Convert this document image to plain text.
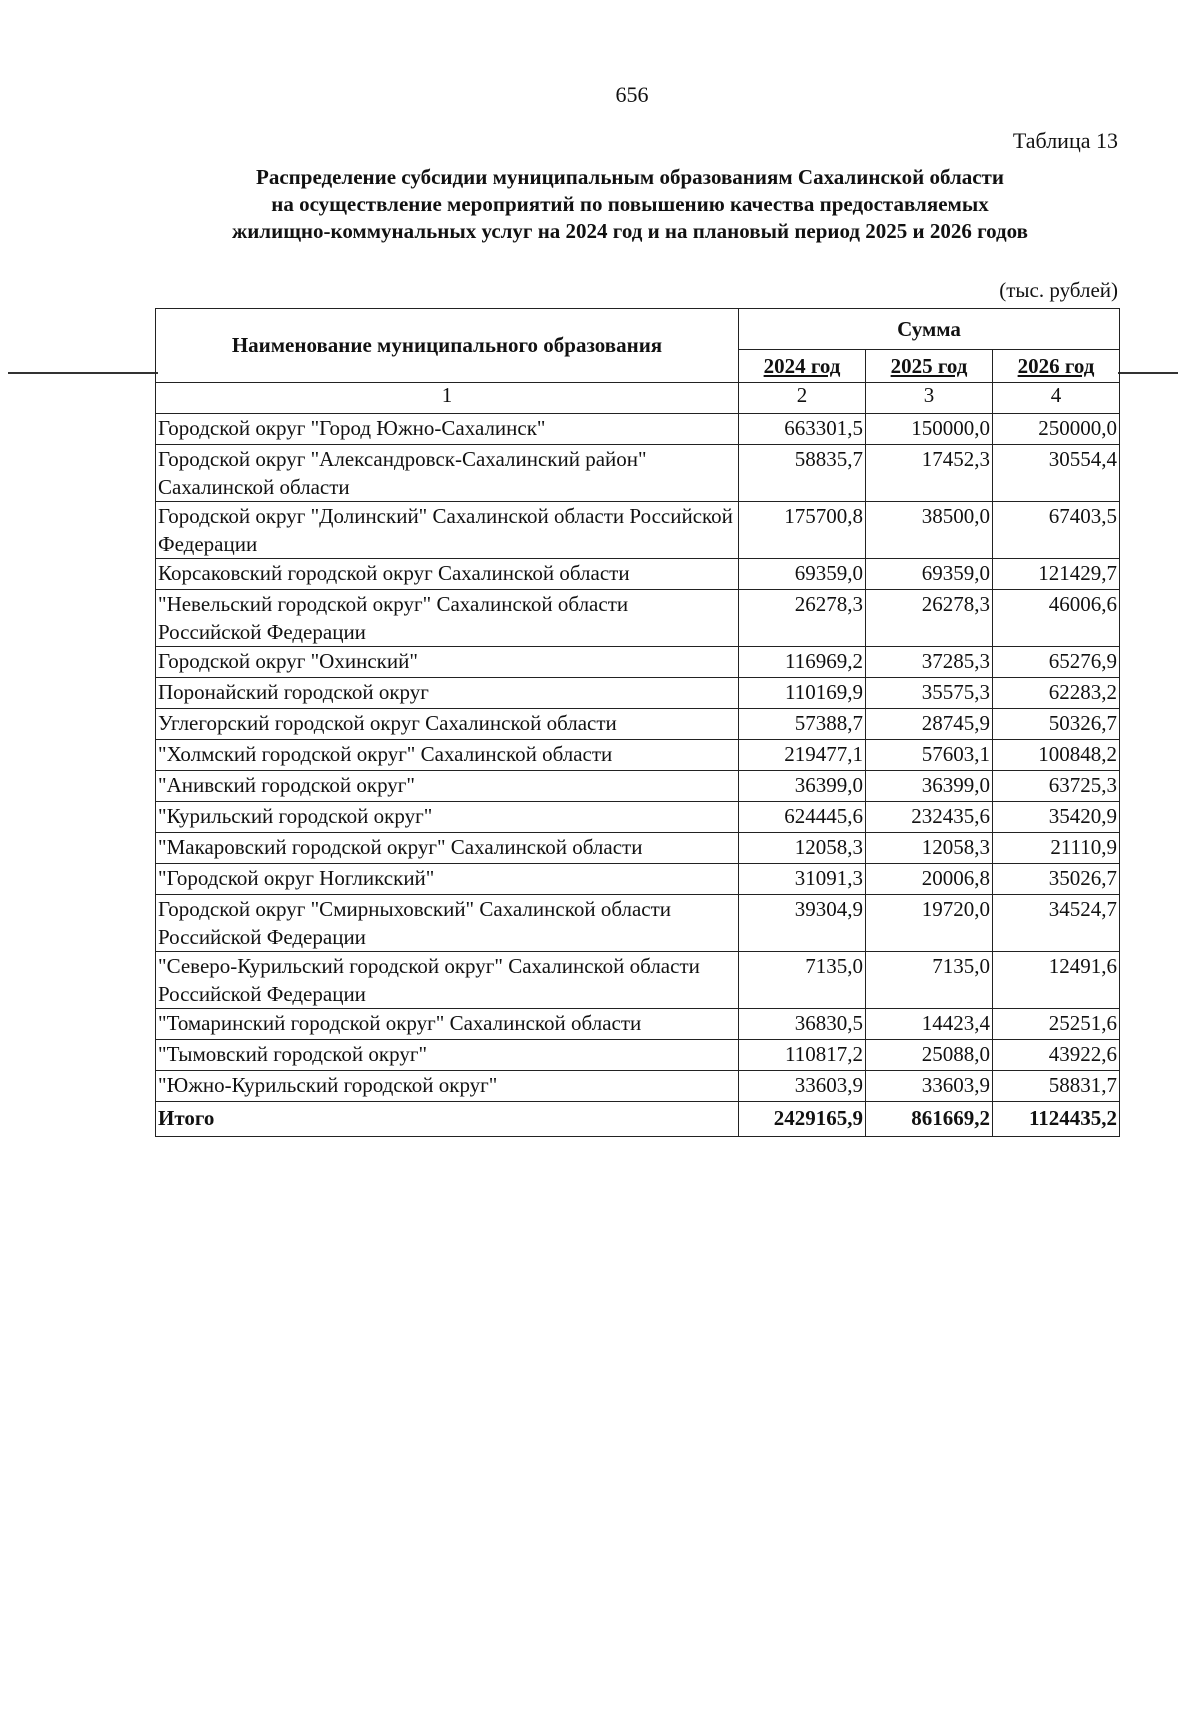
656
Таблица 13
Распределение субсидии муниципальным образованиям Сахалинской области
на осуществление мероприятий по повышению качества предоставляемых
жилищно-коммунальных услуг на 2024 год и на плановый период 2025 и 2026 годов
(тыс. рублей)
Наименование муниципального образования	Сумма		
	2024 год	2025 год	2026 год
1	2	3	4
Городской округ "Город Южно-Сахалинск"	663301,5	150000,0	250000,0
Городской округ "Александровск-Сахалинский район" Сахалинской области	58835,7	17452,3	30554,4
Городской округ "Долинский" Сахалинской области Российской Федерации	175700,8	38500,0	67403,5
Корсаковский городской округ Сахалинской области	69359,0	69359,0	121429,7
"Невельский городской округ" Сахалинской области Российской Федерации	26278,3	26278,3	46006,6
Городской округ "Охинский"	116969,2	37285,3	65276,9
Поронайский городской округ	110169,9	35575,3	62283,2
Углегорский городской округ Сахалинской области	57388,7	28745,9	50326,7
"Холмский городской округ" Сахалинской области	219477,1	57603,1	100848,2
"Анивский городской округ"	36399,0	36399,0	63725,3
"Курильский городской округ"	624445,6	232435,6	35420,9
"Макаровский городской округ" Сахалинской области	12058,3	12058,3	21110,9
"Городской округ Ногликский"	31091,3	20006,8	35026,7
Городской округ "Смирныховский" Сахалинской области Российской Федерации	39304,9	19720,0	34524,7
"Северо-Курильский городской округ" Сахалинской области Российской Федерации	7135,0	7135,0	12491,6
"Томаринский городской округ" Сахалинской области	36830,5	14423,4	25251,6
"Тымовский городской округ"	110817,2	25088,0	43922,6
"Южно-Курильский городской округ"	33603,9	33603,9	58831,7
Итого	2429165,9	861669,2	1124435,2
